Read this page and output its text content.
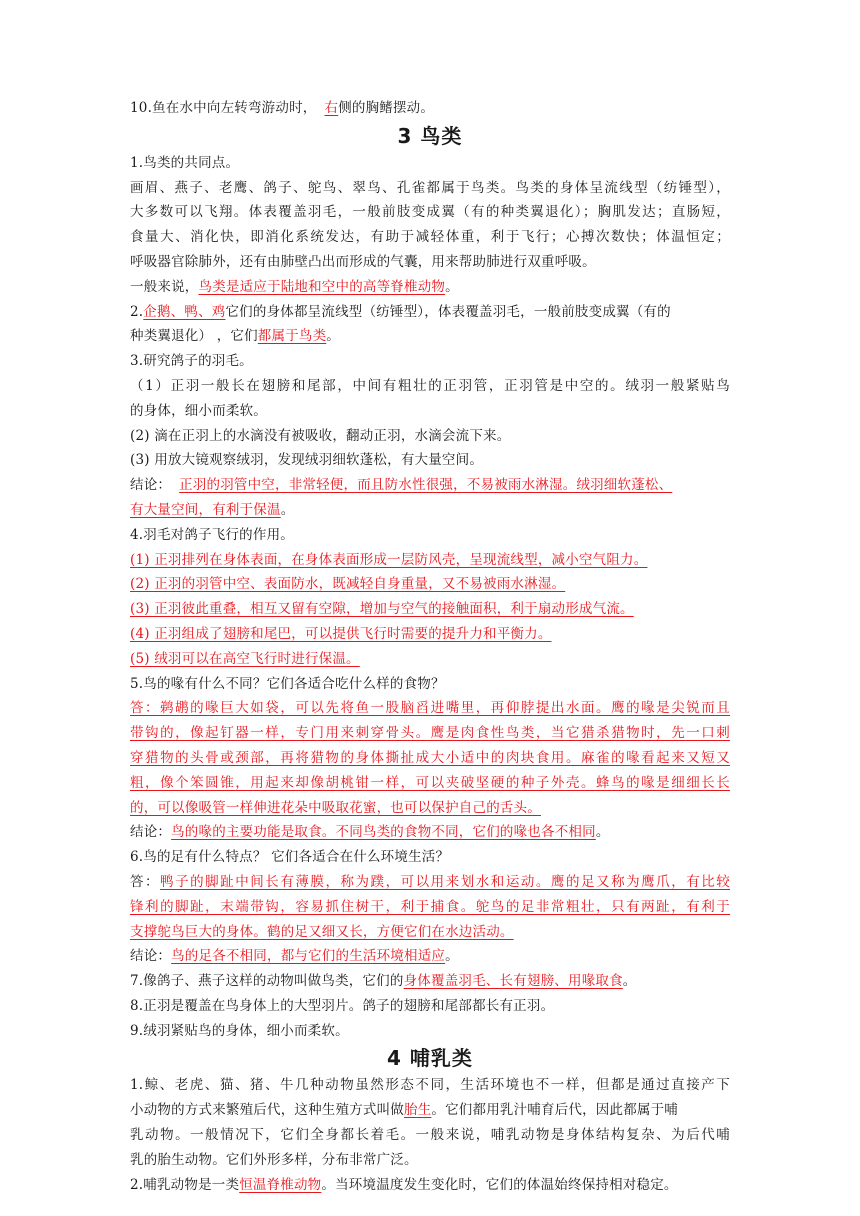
10.鱼在水中向左转弯游动时， 右侧的胸鳍摆动。
3 鸟类
1.鸟类的共同点。
画眉、燕子、老鹰、鸽子、鸵鸟、翠鸟、孔雀都属于鸟类。鸟类的身体呈流线型（纺锤型），
大多数可以飞翔。体表覆盖羽毛，一般前肢变成翼（有的种类翼退化）；胸肌发达；直肠短，
食量大、消化快，即消化系统发达，有助于减轻体重，利于飞行；心搏次数快；体温恒定；
呼吸器官除肺外，还有由肺壁凸出而形成的气囊，用来帮助肺进行双重呼吸。
一般来说，鸟类是适应于陆地和空中的高等脊椎动物。
2.企鹅、鸭、鸡它们的身体都呈流线型（纺锤型），体表覆盖羽毛，一般前肢变成翼（有的
种类翼退化） ，它们都属于鸟类。
3.研究鸽子的羽毛。
（1）正羽一般长在翅膀和尾部，中间有粗壮的正羽管，正羽管是中空的。绒羽一般紧贴鸟
的身体，细小而柔软。
(2) 滴在正羽上的水滴没有被吸收，翻动正羽，水滴会流下来。
(3) 用放大镜观察绒羽，发现绒羽细软蓬松，有大量空间。
结论： 正羽的羽管中空，非常轻便，而且防水性很强，不易被雨水淋湿。绒羽细软蓬松、
有大量空间，有利于保温。
4.羽毛对鸽子飞行的作用。
(1) 正羽排列在身体表面，在身体表面形成一层防风壳，呈现流线型，减小空气阻力。
(2) 正羽的羽管中空、表面防水，既减轻自身重量，又不易被雨水淋湿。
(3) 正羽彼此重叠，相互又留有空隙，增加与空气的接触面积，利于扇动形成气流。
(4) 正羽组成了翅膀和尾巴，可以提供飞行时需要的提升力和平衡力。
(5) 绒羽可以在高空飞行时进行保温。
5.鸟的喙有什么不同？它们各适合吃什么样的食物？
答：鹈鹕的喙巨大如袋，可以先将鱼一股脑舀进嘴里，再仰脖提出水面。鹰的喙是尖锐而且
带钩的，像起钉器一样，专门用来刺穿骨头。鹰是肉食性鸟类，当它猎杀猎物时，先一口刺
穿猎物的头骨或颈部，再将猎物的身体撕扯成大小适中的肉块食用。麻雀的喙看起来又短又
粗，像个笨圆锥，用起来却像胡桃钳一样，可以夹破坚硬的种子外壳。蜂鸟的喙是细细长长
的，可以像吸管一样伸进花朵中吸取花蜜，也可以保护自己的舌头。
结论：鸟的喙的主要功能是取食。不同鸟类的食物不同，它们的喙也各不相同。
6.鸟的足有什么特点？ 它们各适合在什么环境生活？
答：鸭子的脚趾中间长有薄膜，称为蹼，可以用来划水和运动。鹰的足又称为鹰爪，有比较
锋利的脚趾，末端带钩，容易抓住树干，利于捕食。鸵鸟的足非常粗壮，只有两趾，有利于
支撑鸵鸟巨大的身体。鹤的足又细又长，方便它们在水边活动。
结论：鸟的足各不相同，都与它们的生活环境相适应。
7.像鸽子、燕子这样的动物叫做鸟类，它们的身体覆盖羽毛、长有翅膀、用喙取食。
8.正羽是覆盖在鸟身体上的大型羽片。鸽子的翅膀和尾部都长有正羽。
9.绒羽紧贴鸟的身体，细小而柔软。
4 哺乳类
1.鲸、老虎、猫、猪、牛几种动物虽然形态不同，生活环境也不一样，但都是通过直接产下
小动物的方式来繁殖后代，这种生殖方式叫做胎生。它们都用乳汁哺育后代，因此都属于哺
乳动物。一般情况下，它们全身都长着毛。一般来说，哺乳动物是身体结构复杂、为后代哺
乳的胎生动物。它们外形多样，分布非常广泛。
2.哺乳动物是一类恒温脊椎动物。当环境温度发生变化时，它们的体温始终保持相对稳定。
